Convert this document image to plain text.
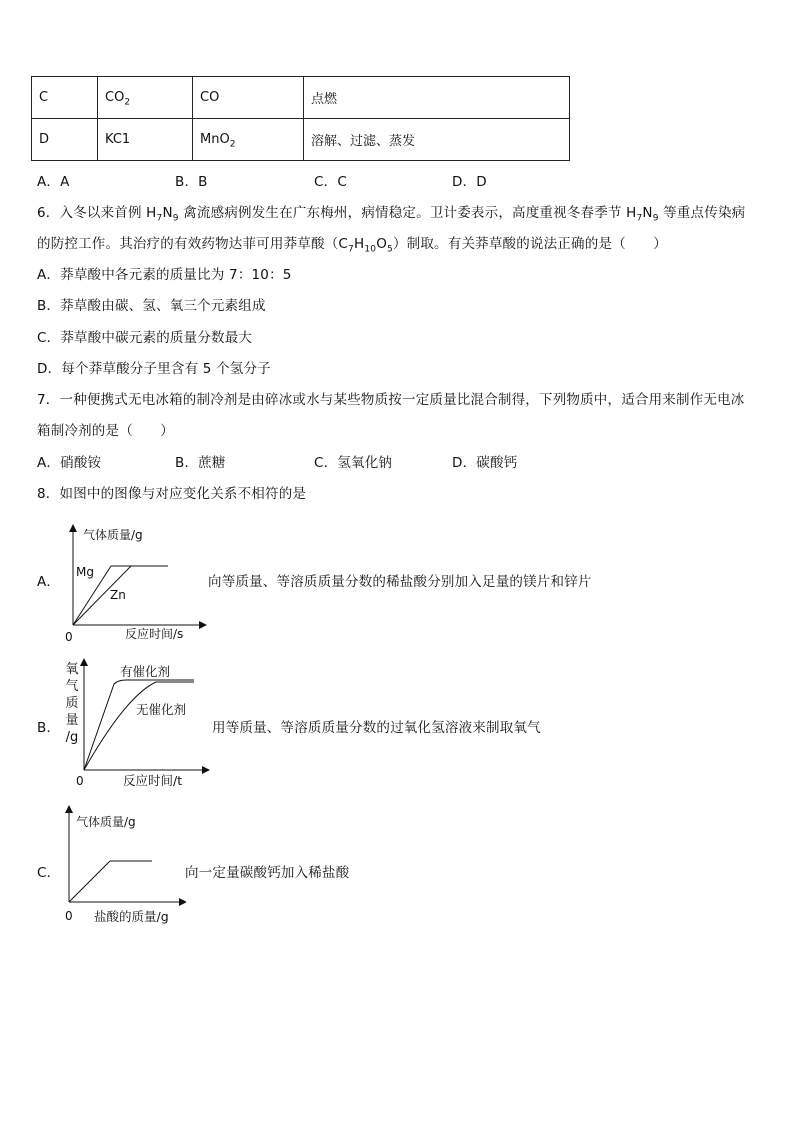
C	$CO_2$	CO	点燃
D	KC1	MnO$_2$	溶解、过滤、蒸发
A．A	B．B	C．C	D．D
6．入冬以来首例 $H_7N_9$ 禽流感病例发生在广东梅州，病情稳定。卫计委表示，高度重视冬春季节 $H_7N_9$ 等重点传染病
的防控工作。其治疗的有效药物达菲可用莽草酸$(C_7H_{10}O_5)$制取。有关莽草酸的说法正确的是（　　）
A．莽草酸中各元素的质量比为 7：10：5
B．莽草酸由碳、氢、氧三个元素组成
C．莽草酸中碳元素的质量分数最大
D．每个莽草酸分子里含有 5 个氢分子
7．一种便携式无电冰箱的制冷剂是由碎冰或水与某些物质按一定质量比混合制得，下列物质中，适合用来制作无电冰
箱制冷剂的是（　　）
A．硝酸铵	B．蔗糖	C．氢氧化钠	D．碳酸钙
8．如图中的图像与对应变化关系不相符的是
A．
气体质量/g
Mg
Zn
0	反应时间/s
向等质量、等溶质质量分数的稀盐酸分别加入足量的镁片和锌片
B．
氧
气
质
量
/g
有催化剂
无催化剂
0	反应时间/t
用等质量、等溶质质量分数的过氧化氢溶液来制取氧气
C．
气体质量/g
0 盐酸的质量/g
向一定量碳酸钙加入稀盐酸
